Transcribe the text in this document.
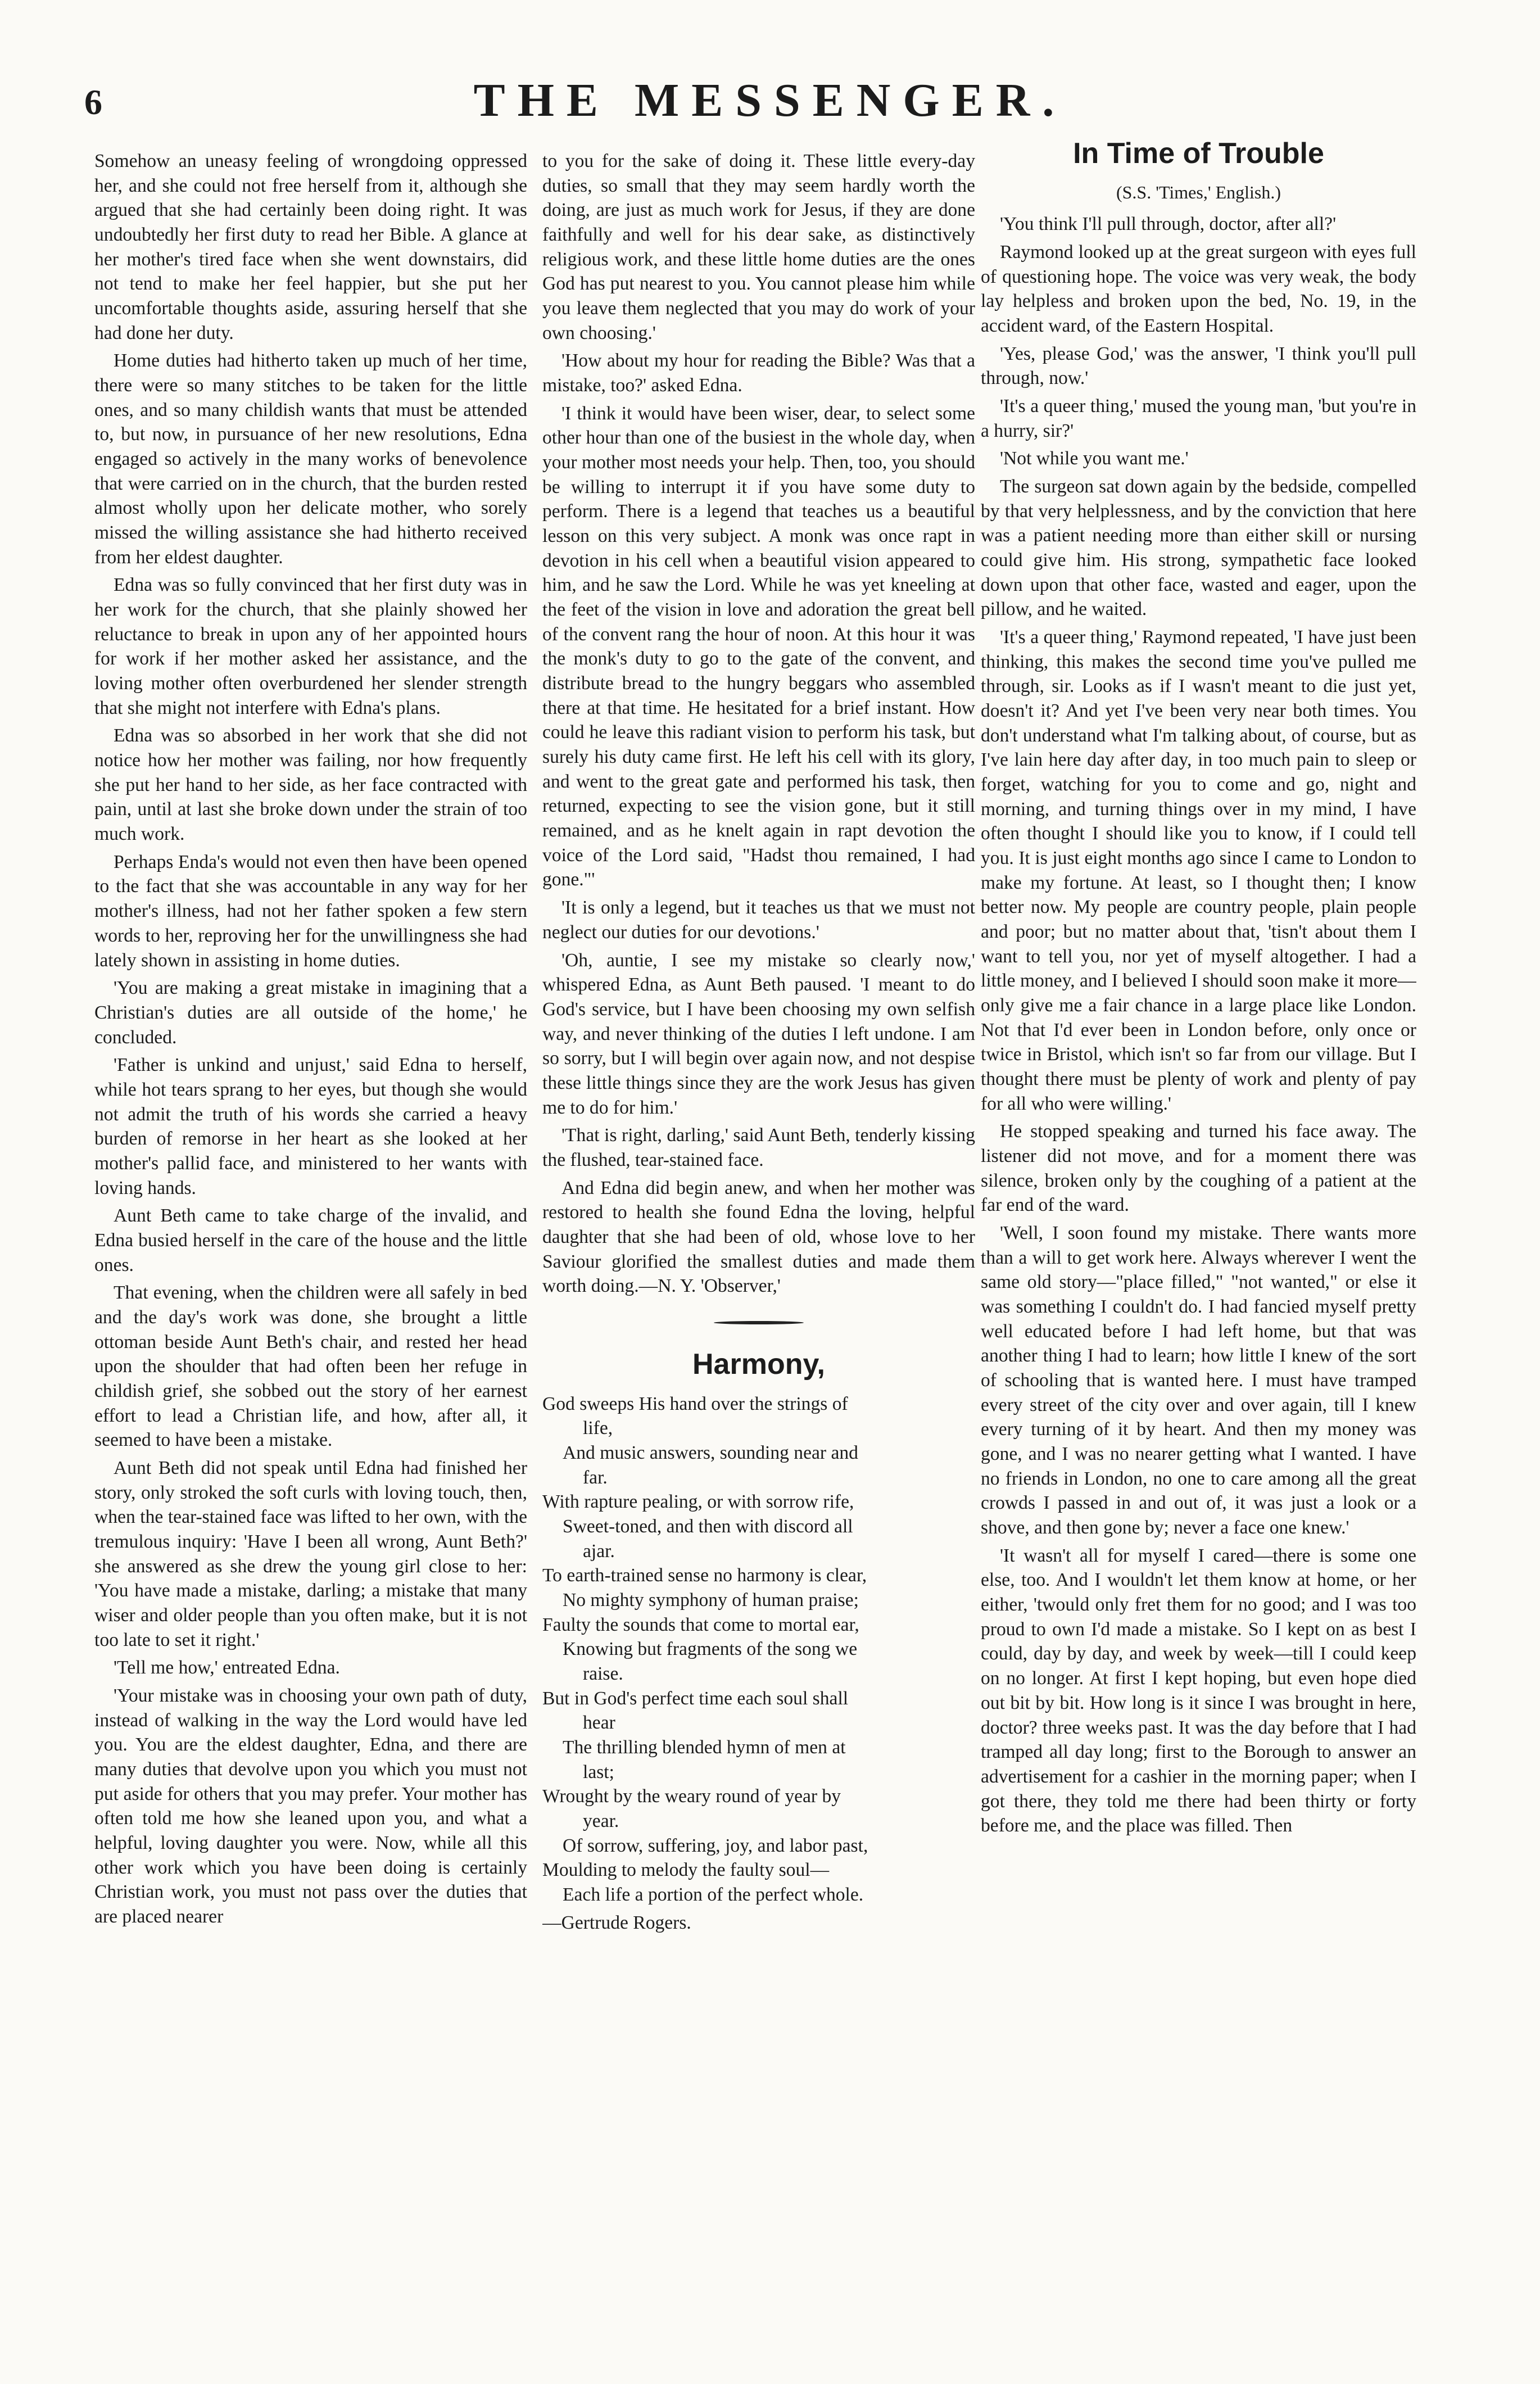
6	THE MESSENGER.

Somehow an uneasy feeling of wrongdoing oppressed her, and she could not free herself from it, although she argued that she had certainly been doing right. It was undoubtedly her first duty to read her Bible. A glance at her mother's tired face when she went downstairs, did not tend to make her feel happier, but she put her uncomfortable thoughts aside, assuring herself that she had done her duty.

Home duties had hitherto taken up much of her time, there were so many stitches to be taken for the little ones, and so many childish wants that must be attended to, but now, in pursuance of her new resolutions, Edna engaged so actively in the many works of benevolence that were carried on in the church, that the burden rested almost wholly upon her delicate mother, who sorely missed the willing assistance she had hitherto received from her eldest daughter.

Edna was so fully convinced that her first duty was in her work for the church, that she plainly showed her reluctance to break in upon any of her appointed hours for work if her mother asked her assistance, and the loving mother often overburdened her slender strength that she might not interfere with Edna's plans.

Edna was so absorbed in her work that she did not notice how her mother was failing, nor how frequently she put her hand to her side, as her face contracted with pain, until at last she broke down under the strain of too much work.

Perhaps Enda's would not even then have been opened to the fact that she was accountable in any way for her mother's illness, had not her father spoken a few stern words to her, reproving her for the unwillingness she had lately shown in assisting in home duties.

'You are making a great mistake in imagining that a Christian's duties are all outside of the home,' he concluded.

'Father is unkind and unjust,' said Edna to herself, while hot tears sprang to her eyes, but though she would not admit the truth of his words she carried a heavy burden of remorse in her heart as she looked at her mother's pallid face, and ministered to her wants with loving hands.

Aunt Beth came to take charge of the invalid, and Edna busied herself in the care of the house and the little ones.

That evening, when the children were all safely in bed and the day's work was done, she brought a little ottoman beside Aunt Beth's chair, and rested her head upon the shoulder that had often been her refuge in childish grief, she sobbed out the story of her earnest effort to lead a Christian life, and how, after all, it seemed to have been a mistake.

Aunt Beth did not speak until Edna had finished her story, only stroked the soft curls with loving touch, then, when the tear-stained face was lifted to her own, with the tremulous inquiry: 'Have I been all wrong, Aunt Beth?' she answered as she drew the young girl close to her: 'You have made a mistake, darling; a mistake that many wiser and older people than you often make, but it is not too late to set it right.'

'Tell me how,' entreated Edna.

'Your mistake was in choosing your own path of duty, instead of walking in the way the Lord would have led you. You are the eldest daughter, Edna, and there are many duties that devolve upon you which you must not put aside for others that you may prefer. Your mother has often told me how she leaned upon you, and what a helpful, loving daughter you were. Now, while all this other work which you have been doing is certainly Christian work, you must not pass over the duties that are placed nearer

to you for the sake of doing it. These little every-day duties, so small that they may seem hardly worth the doing, are just as much work for Jesus, if they are done faithfully and well for his dear sake, as distinctively religious work, and these little home duties are the ones God has put nearest to you. You cannot please him while you leave them neglected that you may do work of your own choosing.'

'How about my hour for reading the Bible? Was that a mistake, too?' asked Edna.

'I think it would have been wiser, dear, to select some other hour than one of the busiest in the whole day, when your mother most needs your help. Then, too, you should be willing to interrupt it if you have some duty to perform. There is a legend that teaches us a beautiful lesson on this very subject. A monk was once rapt in devotion in his cell when a beautiful vision appeared to him, and he saw the Lord. While he was yet kneeling at the feet of the vision in love and adoration the great bell of the convent rang the hour of noon. At this hour it was the monk's duty to go to the gate of the convent, and distribute bread to the hungry beggars who assembled there at that time. He hesitated for a brief instant. How could he leave this radiant vision to perform his task, but surely his duty came first. He left his cell with its glory, and went to the great gate and performed his task, then returned, expecting to see the vision gone, but it still remained, and as he knelt again in rapt devotion the voice of the Lord said, "Hadst thou remained, I had gone."'

'It is only a legend, but it teaches us that we must not neglect our duties for our devotions.'

'Oh, auntie, I see my mistake so clearly now,' whispered Edna, as Aunt Beth paused. 'I meant to do God's service, but I have been choosing my own selfish way, and never thinking of the duties I left undone. I am so sorry, but I will begin over again now, and not despise these little things since they are the work Jesus has given me to do for him.'

'That is right, darling,' said Aunt Beth, tenderly kissing the flushed, tear-stained face.

And Edna did begin anew, and when her mother was restored to health she found Edna the loving, helpful daughter that she had been of old, whose love to her Saviour glorified the smallest duties and made them worth doing.—N. Y. 'Observer,'

Harmony,
God sweeps His hand over the strings of
life,
And music answers, sounding near and
far.
With rapture pealing, or with sorrow rife,
Sweet-toned, and then with discord all
ajar.
To earth-trained sense no harmony is clear,
No mighty symphony of human praise;
Faulty the sounds that come to mortal ear,
Knowing but fragments of the song we
raise.
But in God's perfect time each soul shall
hear
The thrilling blended hymn of men at
last;
Wrought by the weary round of year by
year.
Of sorrow, suffering, joy, and labor past,
Moulding to melody the faulty soul—
Each life a portion of the perfect whole.
—Gertrude Rogers.
In Time of Trouble
(S.S. 'Times,' English.)

'You think I'll pull through, doctor, after all?'

Raymond looked up at the great surgeon with eyes full of questioning hope. The voice was very weak, the body lay helpless and broken upon the bed, No. 19, in the accident ward, of the Eastern Hospital.

'Yes, please God,' was the answer, 'I think you'll pull through, now.'

'It's a queer thing,' mused the young man, 'but you're in a hurry, sir?'

'Not while you want me.'

The surgeon sat down again by the bedside, compelled by that very helplessness, and by the conviction that here was a patient needing more than either skill or nursing could give him. His strong, sympathetic face looked down upon that other face, wasted and eager, upon the pillow, and he waited.

'It's a queer thing,' Raymond repeated, 'I have just been thinking, this makes the second time you've pulled me through, sir. Looks as if I wasn't meant to die just yet, doesn't it? And yet I've been very near both times. You don't understand what I'm talking about, of course, but as I've lain here day after day, in too much pain to sleep or forget, watching for you to come and go, night and morning, and turning things over in my mind, I have often thought I should like you to know, if I could tell you. It is just eight months ago since I came to London to make my fortune. At least, so I thought then; I know better now. My people are country people, plain people and poor; but no matter about that, 'tisn't about them I want to tell you, nor yet of myself altogether. I had a little money, and I believed I should soon make it more—only give me a fair chance in a large place like London. Not that I'd ever been in London before, only once or twice in Bristol, which isn't so far from our village. But I thought there must be plenty of work and plenty of pay for all who were willing.'

He stopped speaking and turned his face away. The listener did not move, and for a moment there was silence, broken only by the coughing of a patient at the far end of the ward.

'Well, I soon found my mistake. There wants more than a will to get work here. Always wherever I went the same old story—"place filled," "not wanted," or else it was something I couldn't do. I had fancied myself pretty well educated before I had left home, but that was another thing I had to learn; how little I knew of the sort of schooling that is wanted here. I must have tramped every street of the city over and over again, till I knew every turning of it by heart. And then my money was gone, and I was no nearer getting what I wanted. I have no friends in London, no one to care among all the great crowds I passed in and out of, it was just a look or a shove, and then gone by; never a face one knew.'

'It wasn't all for myself I cared—there is some one else, too. And I wouldn't let them know at home, or her either, 'twould only fret them for no good; and I was too proud to own I'd made a mistake. So I kept on as best I could, day by day, and week by week—till I could keep on no longer. At first I kept hoping, but even hope died out bit by bit. How long is it since I was brought in here, doctor? three weeks past. It was the day before that I had tramped all day long; first to the Borough to answer an advertisement for a cashier in the morning paper; when I got there, they told me there had been thirty or forty before me, and the place was filled. Then
